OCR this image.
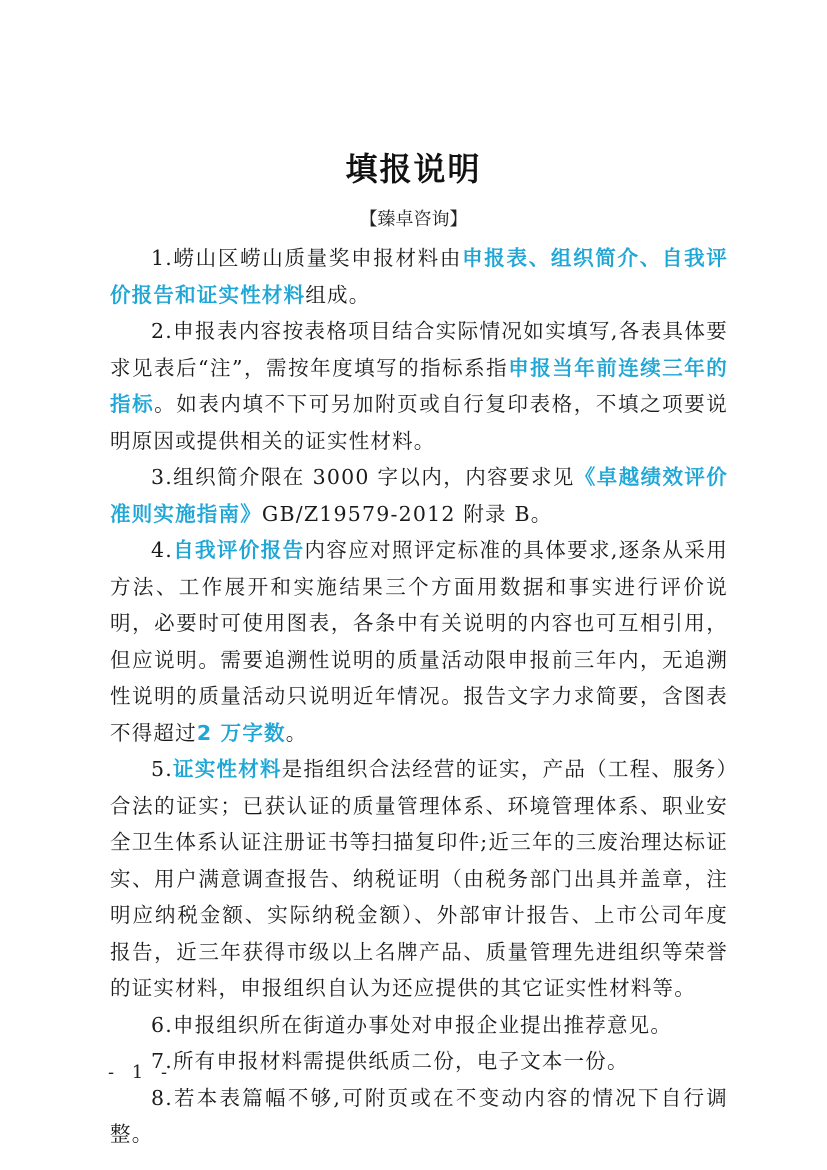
填报说明
【臻卓咨询】

1.崂山区崂山质量奖申报材料由申报表、组织简介、自我评价报告和证实性材料组成。

2.申报表内容按表格项目结合实际情况如实填写,各表具体要求见表后“注”，需按年度填写的指标系指申报当年前连续三年的指标。如表内填不下可另加附页或自行复印表格，不填之项要说明原因或提供相关的证实性材料。

3.组织简介限在 3000 字以内，内容要求见《卓越绩效评价准则实施指南》GB/Z19579-2012 附录 B。

4.自我评价报告内容应对照评定标准的具体要求,逐条从采用方法、工作展开和实施结果三个方面用数据和事实进行评价说明，必要时可使用图表，各条中有关说明的内容也可互相引用，但应说明。需要追溯性说明的质量活动限申报前三年内，无追溯性说明的质量活动只说明近年情况。报告文字力求简要，含图表不得超过2 万字数。

5.证实性材料是指组织合法经营的证实，产品（工程、服务）合法的证实；已获认证的质量管理体系、环境管理体系、职业安全卫生体系认证注册证书等扫描复印件;近三年的三废治理达标证实、用户满意调查报告、纳税证明（由税务部门出具并盖章，注明应纳税金额、实际纳税金额）、外部审计报告、上市公司年度报告，近三年获得市级以上名牌产品、质量管理先进组织等荣誉的证实材料，申报组织自认为还应提供的其它证实性材料等。

6.申报组织所在街道办事处对申报企业提出推荐意见。

7.所有申报材料需提供纸质二份，电子文本一份。

8.若本表篇幅不够,可附页或在不变动内容的情况下自行调整。

- 1 -
